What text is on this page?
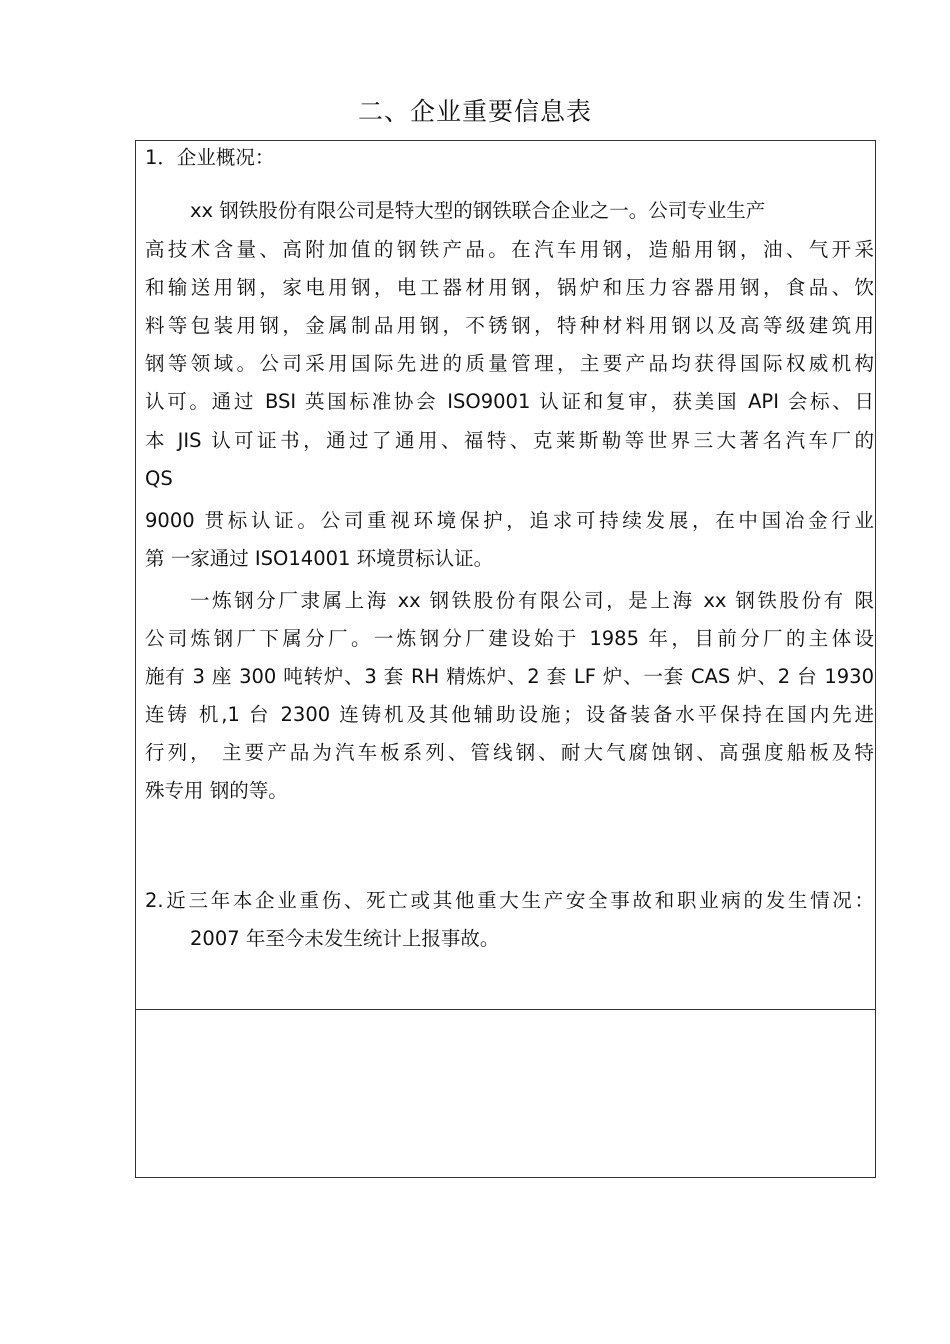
二、企业重要信息表
1．企业概况：
xx 钢铁股份有限公司是特大型的钢铁联合企业之一。公司专业生产
高技术含量、高附加值的钢铁产品。在汽车用钢，造船用钢，油、气开采
和输送用钢，家电用钢，电工器材用钢，锅炉和压力容器用钢，食品、饮
料等包装用钢，金属制品用钢，不锈钢，特种材料用钢以及高等级建筑用
钢等领域。公司采用国际先进的质量管理，主要产品均获得国际权威机构
认可。通过 BSI 英国标准协会 ISO9001 认证和复审，获美国 API 会标、日
本 JIS 认可证书，通过了通用、福特、克莱斯勒等世界三大著名汽车厂的
QS
9000 贯标认证。公司重视环境保护，追求可持续发展，在中国冶金行业
第 一家通过 ISO14001 环境贯标认证。
一炼钢分厂隶属上海 xx 钢铁股份有限公司，是上海 xx 钢铁股份有 限
公司炼钢厂下属分厂。一炼钢分厂建设始于 1985 年，目前分厂的主体设
施有 3 座 300 吨转炉、3 套 RH 精炼炉、2 套 LF 炉、一套 CAS 炉、2 台 1930
连铸 机,1 台 2300 连铸机及其他辅助设施；设备装备水平保持在国内先进
行列， 主要产品为汽车板系列、管线钢、耐大气腐蚀钢、高强度船板及特
殊专用 钢的等。
2.近三年本企业重伤、死亡或其他重大生产安全事故和职业病的发生情况：
2007 年至今未发生统计上报事故。
